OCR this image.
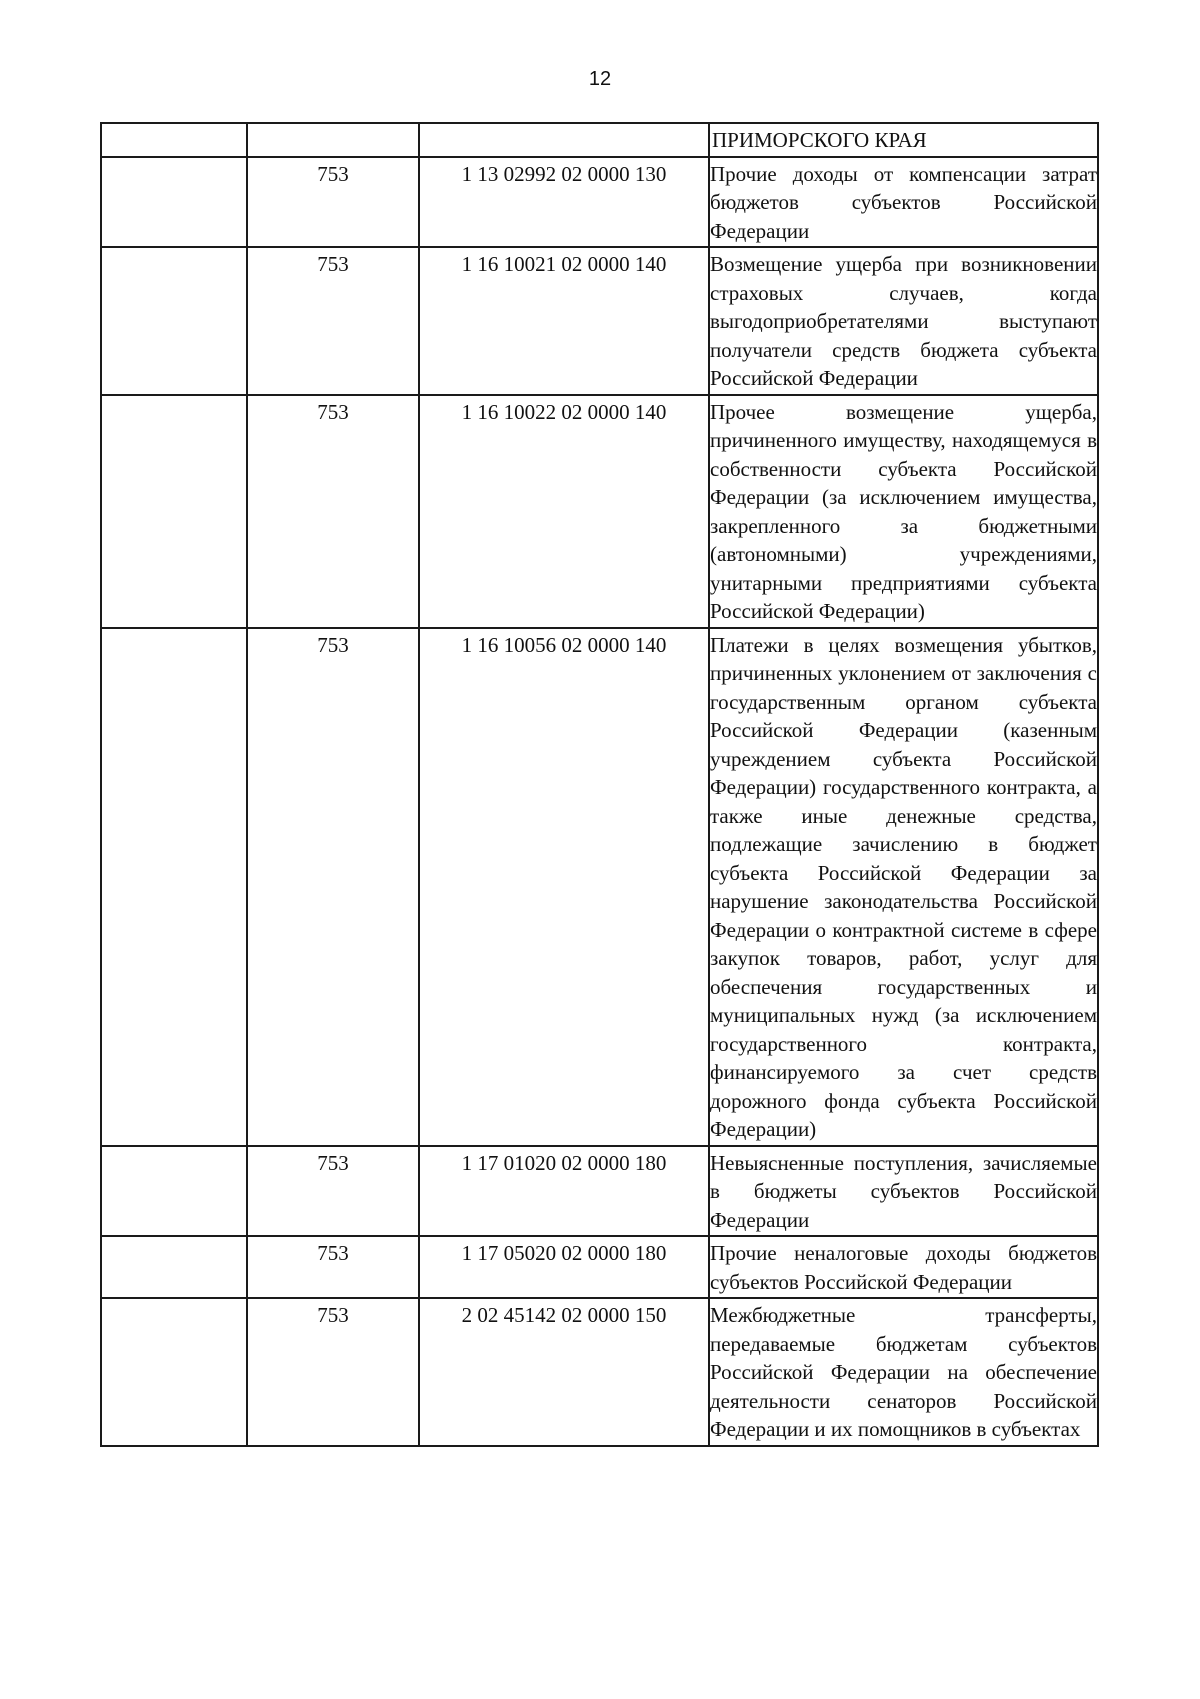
12
			ПРИМОРСКОГО КРАЯ
	753	1 13 02992 02 0000 130	Прочие доходы от компенсации затрат бюджетов субъектов Российской Федерации
	753	1 16 10021 02 0000 140	Возмещение ущерба при возникновении страховых случаев, когда выгодоприобретателями выступают получатели средств бюджета субъекта Российской Федерации
	753	1 16 10022 02 0000 140	Прочее возмещение ущерба, причиненного имуществу, находящемуся в собственности субъекта Российской Федерации (за исключением имущества, закрепленного за бюджетными (автономными) учреждениями, унитарными предприятиями субъекта Российской Федерации)
	753	1 16 10056 02 0000 140	Платежи в целях возмещения убытков, причиненных уклонением от заключения с государственным органом субъекта Российской Федерации (казенным учреждением субъекта Российской Федерации) государственного контракта, а также иные денежные средства, подлежащие зачислению в бюджет субъекта Российской Федерации за нарушение законодательства Российской Федерации о контрактной системе в сфере закупок товаров, работ, услуг для обеспечения государственных и муниципальных нужд (за исключением государственного контракта, финансируемого за счет средств дорожного фонда субъекта Российской Федерации)
	753	1 17 01020 02 0000 180	Невыясненные поступления, зачисляемые в бюджеты субъектов Российской Федерации
	753	1 17 05020 02 0000 180	Прочие неналоговые доходы бюджетов субъектов Российской Федерации
	753	2 02 45142 02 0000 150	Межбюджетные трансферты, передаваемые бюджетам субъектов Российской Федерации на обеспечение деятельности сенаторов Российской Федерации и их помощников в субъектах
